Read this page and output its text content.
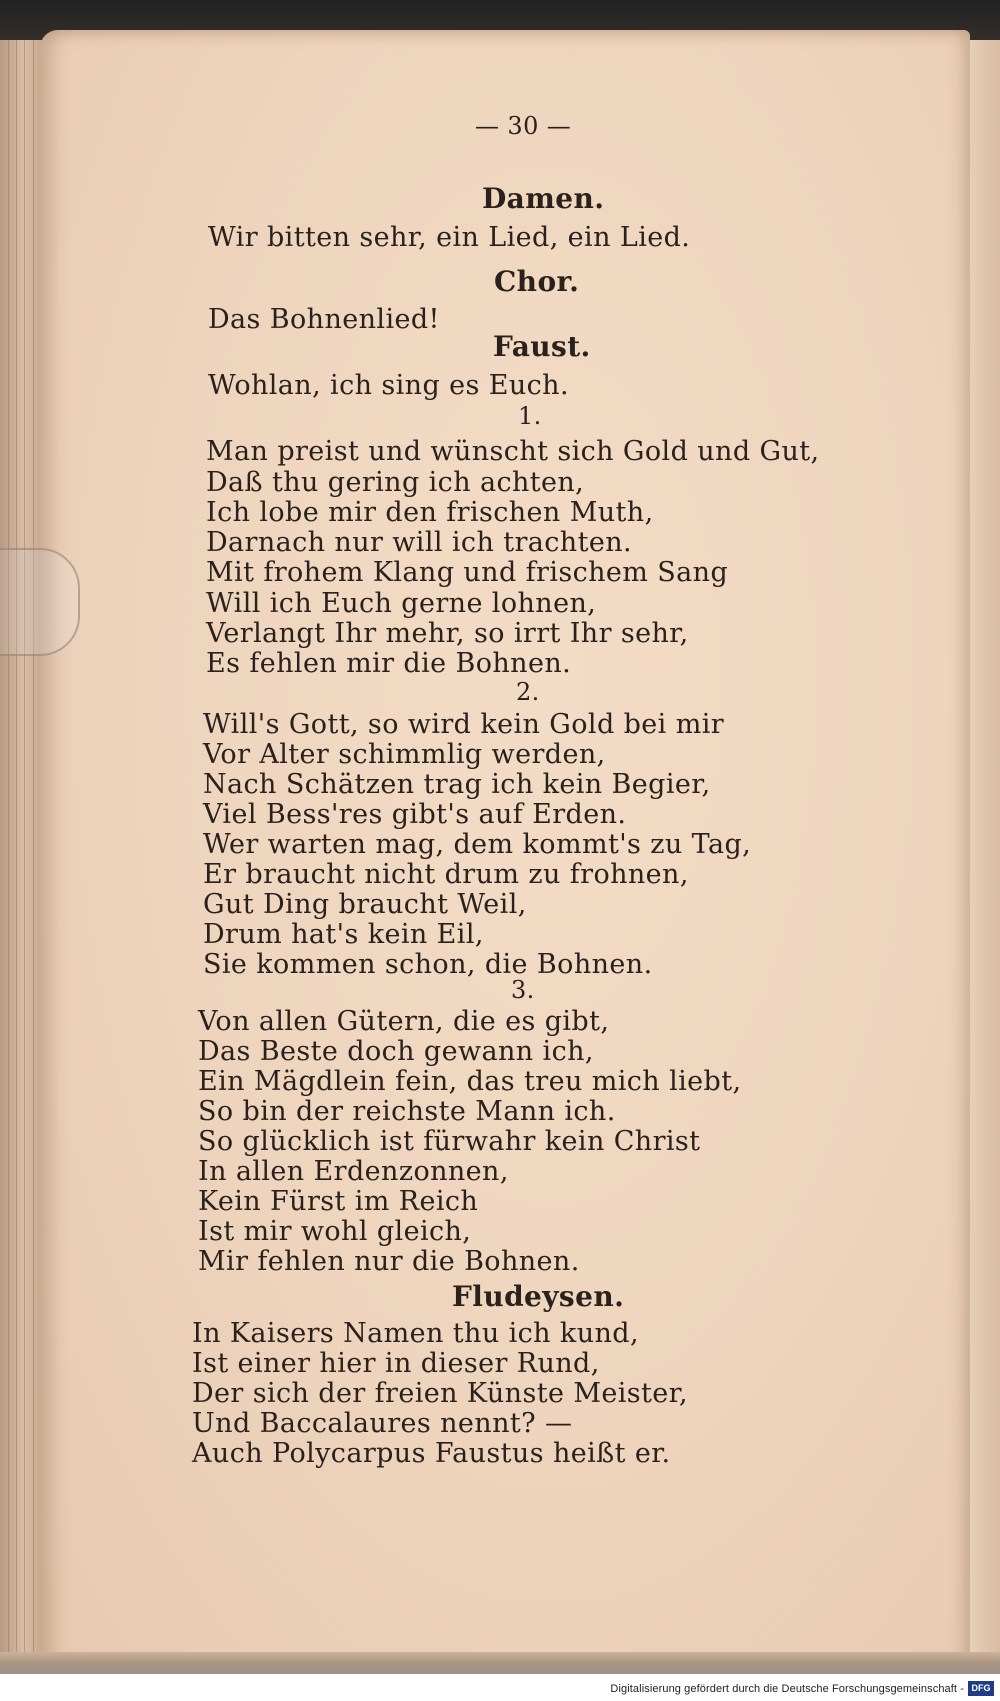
— 30 —
Damen.
Wir bitten sehr, ein Lied, ein Lied.
Chor.
Das Bohnenlied!
Faust.
Wohlan, ich sing es Euch.
1.
Man preist und wünscht sich Gold und Gut,
Daß thu gering ich achten,
Ich lobe mir den frischen Muth,
Darnach nur will ich trachten.
Mit frohem Klang und frischem Sang
Will ich Euch gerne lohnen,
Verlangt Ihr mehr, so irrt Ihr sehr,
Es fehlen mir die Bohnen.
2.
Will's Gott, so wird kein Gold bei mir
Vor Alter schimmlig werden,
Nach Schätzen trag ich kein Begier,
Viel Bess'res gibt's auf Erden.
Wer warten mag, dem kommt's zu Tag,
Er braucht nicht drum zu frohnen,
Gut Ding braucht Weil,
Drum hat's kein Eil,
Sie kommen schon, die Bohnen.
3.
Von allen Gütern, die es gibt,
Das Beste doch gewann ich,
Ein Mägdlein fein, das treu mich liebt,
So bin der reichste Mann ich.
So glücklich ist fürwahr kein Christ
In allen Erdenzonnen,
Kein Fürst im Reich
Ist mir wohl gleich,
Mir fehlen nur die Bohnen.
Fludeysen.
In Kaisers Namen thu ich kund,
Ist einer hier in dieser Rund,
Der sich der freien Künste Meister,
Und Baccalaures nennt? —
Auch Polycarpus Faustus heißt er.
Digitalisierung gefördert durch die Deutsche Forschungsgemeinschaft - DFG
